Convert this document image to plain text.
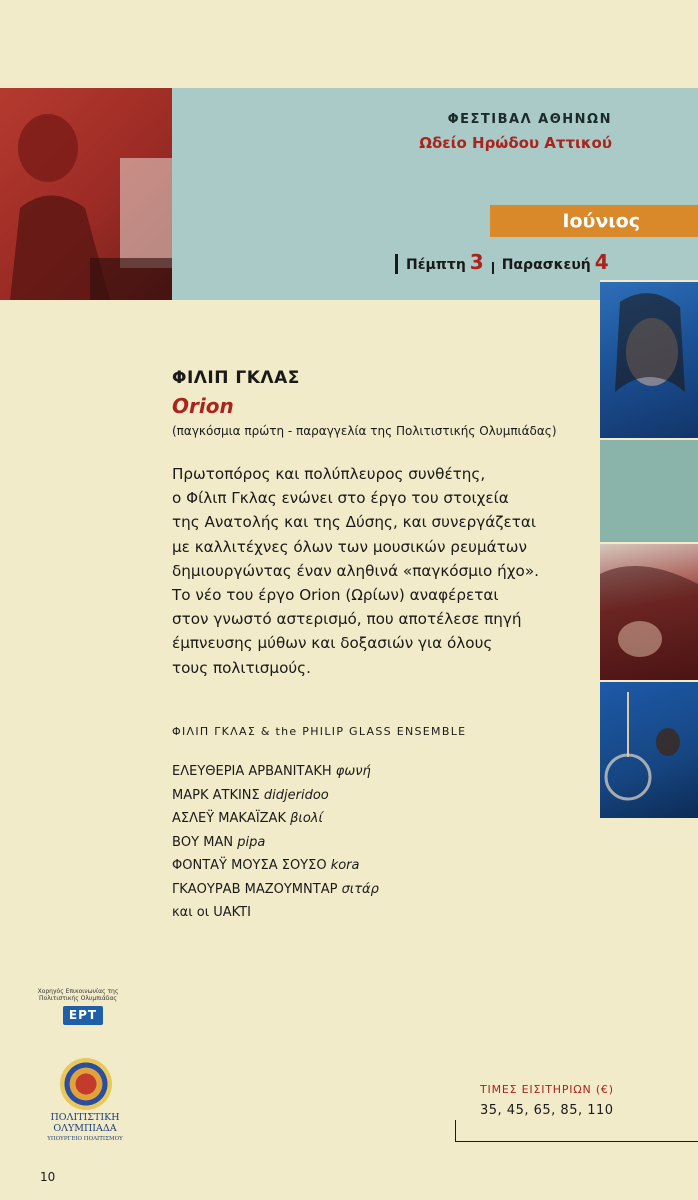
ΦΕΣΤΙΒΑΛ ΑΘΗΝΩΝ
Ωδείο Ηρώδου Αττικού
Ιούνιος
Πέμπτη 3 Παρασκευή 4
ΦΙΛΙΠ ΓΚΛΑΣ
Orion
(παγκόσμια πρώτη - παραγγελία της Πολιτιστικής Ολυμπιάδας)
Πρωτοπόρος και πολύπλευρος συνθέτης,
ο Φίλιπ Γκλας ενώνει στο έργο του στοιχεία
της Ανατολής και της Δύσης, και συνεργάζεται
με καλλιτέχνες όλων των μουσικών ρευμάτων
δημιουργώντας έναν αληθινά «παγκόσμιο ήχο».
Το νέο του έργο Orion (Ωρίων) αναφέρεται
στον γνωστό αστερισμό, που αποτέλεσε πηγή
έμπνευσης μύθων και δοξασιών για όλους
τους πολιτισμούς.
ΦΙΛΙΠ ΓΚΛΑΣ & the PHILIP GLASS ENSEMBLE
ΕΛΕΥΘΕΡΙΑ ΑΡΒΑΝΙΤΑΚΗ φωνή
ΜΑΡΚ ΑΤΚΙΝΣ didjeridoo
ΑΣΛΕΫ ΜΑΚΑΪΖΑΚ βιολί
ΒΟΥ ΜΑΝ pipa
ΦΟΝΤΑΫ ΜΟΥΣΑ ΣΟΥΣΟ kora
ΓΚΑΟΥΡΑΒ ΜΑΖΟΥΜΝΤΑΡ σιτάρ
και οι UAKTI
Χορηγός Επικοινωνίας της Πολιτιστικής Ολυμπιάδας
ΕΡΤ
ΠΟΛΙΤΙΣΤΙΚΗ ΟΛΥΜΠΙΑΔΑ
ΥΠΟΥΡΓΕΙΟ ΠΟΛΙΤΙΣΜΟΥ
10
ΤΙΜΕΣ ΕΙΣΙΤΗΡΙΩΝ (€)
35, 45, 65, 85, 110
